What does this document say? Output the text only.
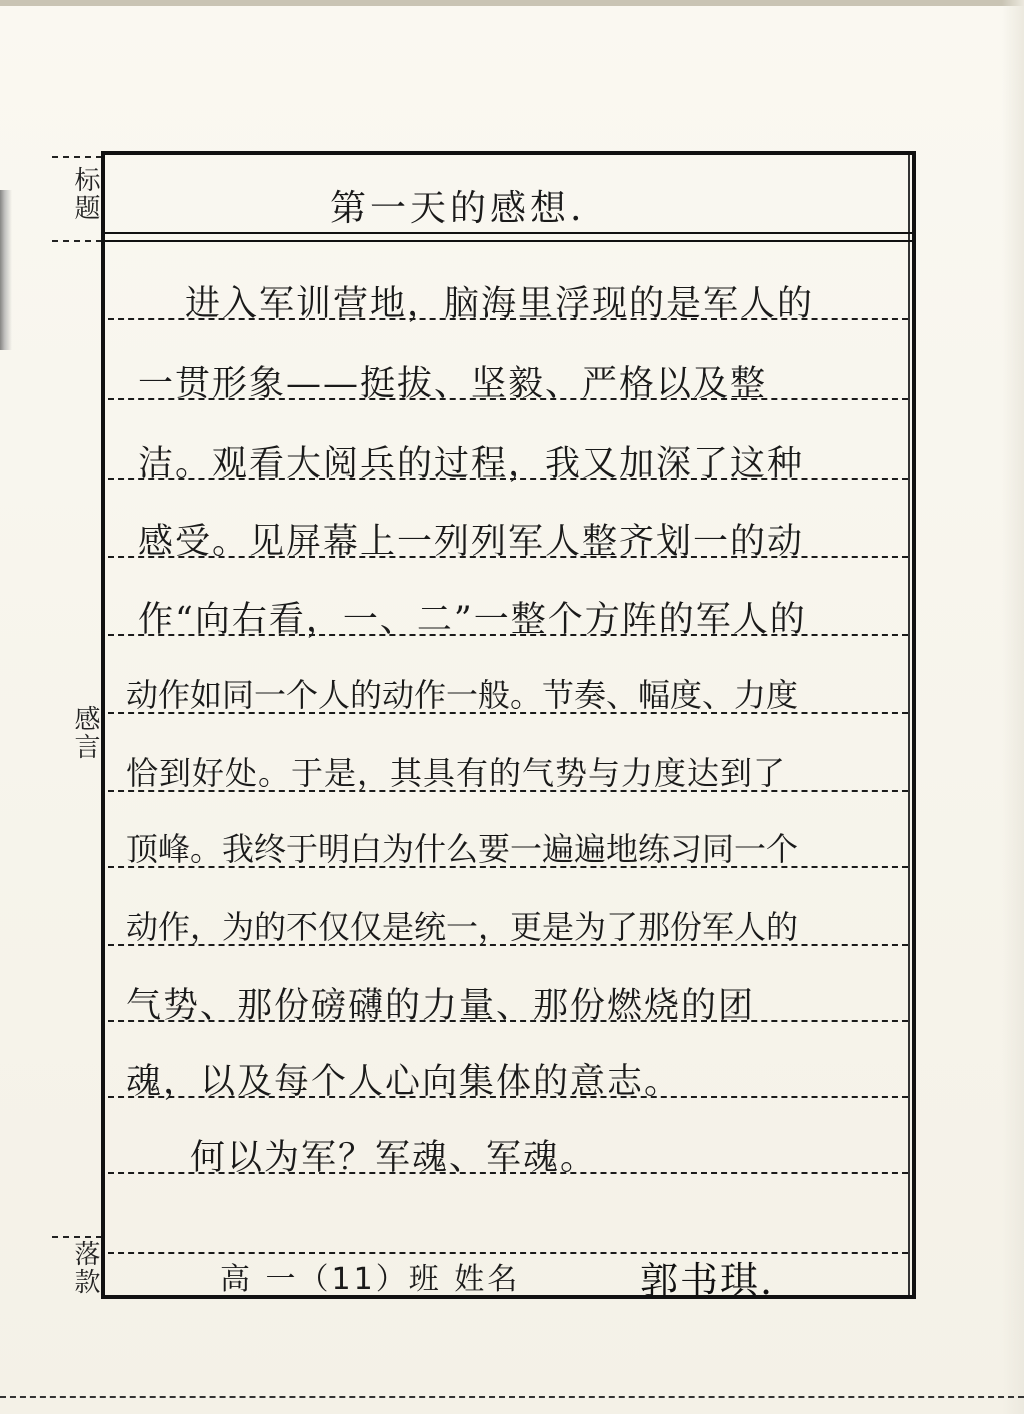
标题
感言
落款
第一天的感想.
进入军训营地，脑海里浮现的是军人的
一贯形象——挺拔、坚毅、严格以及整
洁。观看大阅兵的过程，我又加深了这种
感受。见屏幕上一列列军人整齐划一的动
作“向右看，一、二”一整个方阵的军人的
动作如同一个人的动作一般。节奏、幅度、力度
恰到好处。于是，其具有的气势与力度达到了
顶峰。我终于明白为什么要一遍遍地练习同一个
动作，为的不仅仅是统一，更是为了那份军人的
气势、那份磅礴的力量、那份燃烧的团
魂，以及每个人心向集体的意志。
何以为军？军魂、军魂。
高 一（11）班 姓名	郭书琪.
